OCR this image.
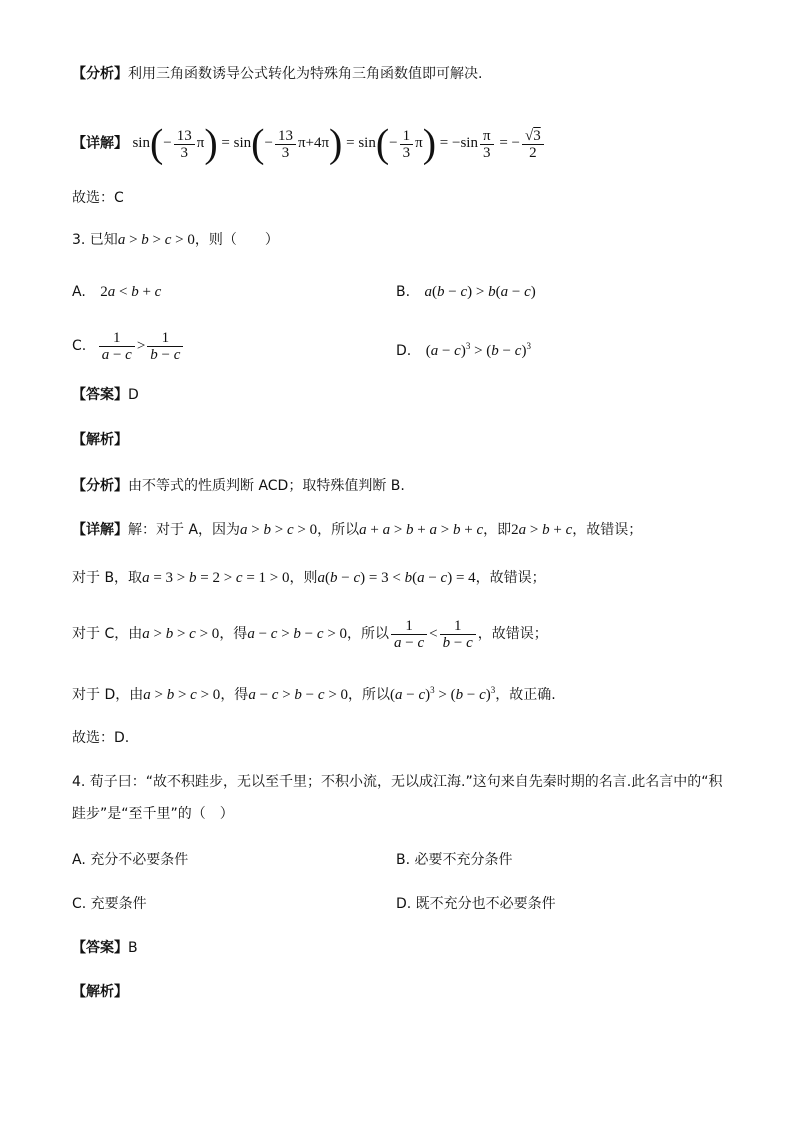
【分析】利用三角函数诱导公式转化为特殊角三角函数值即可解决.
【详解】 $\sin(- \frac{13}{3} \pi) = \sin(- \frac{13}{3} \pi+4\pi) = \sin(- \frac{1}{3} \pi) = -\sin \frac{\pi}{3}$ = − $\frac{√3}{2}$
故选：C
3. 已知a > b > c > 0，则（　　）
A. 2a < b + c	B. a(b − c) > b(a − c)
C. $\frac{1}{a - c} > \frac{1}{b - c}$	D. $(a - c)^3 > (b - c)^3$
【答案】D
【解析】
【分析】由不等式的性质判断 ACD；取特殊值判断 B.
【详解】解：对于 A，因为a > b > c > 0，所以a + a > b + a > b + c，即2a > b + c，故错误；
对于 B，取a = 3 > b = 2 > c = 1 > 0，则a(b − c) = 3 < b(a − c) = 4，故错误；
对于 C，由a > b > c > 0，得a − c > b − c > 0，所以 $\frac{1}{a - c} < \frac{1}{b - c}$ ，故错误；
对于 D，由a > b > c > 0，得a − c > b − c > 0，所以$(a - c)^3 > (b - c)^3$，故正确.
故选：D.
4. 荀子曰：“故不积跬步，无以至千里；不积小流，无以成江海.”这句来自先秦时期的名言.此名言中的“积
跬步”是“至千里”的（　）
A. 充分不必要条件	B. 必要不充分条件
C. 充要条件	D. 既不充分也不必要条件
【答案】B
【解析】
